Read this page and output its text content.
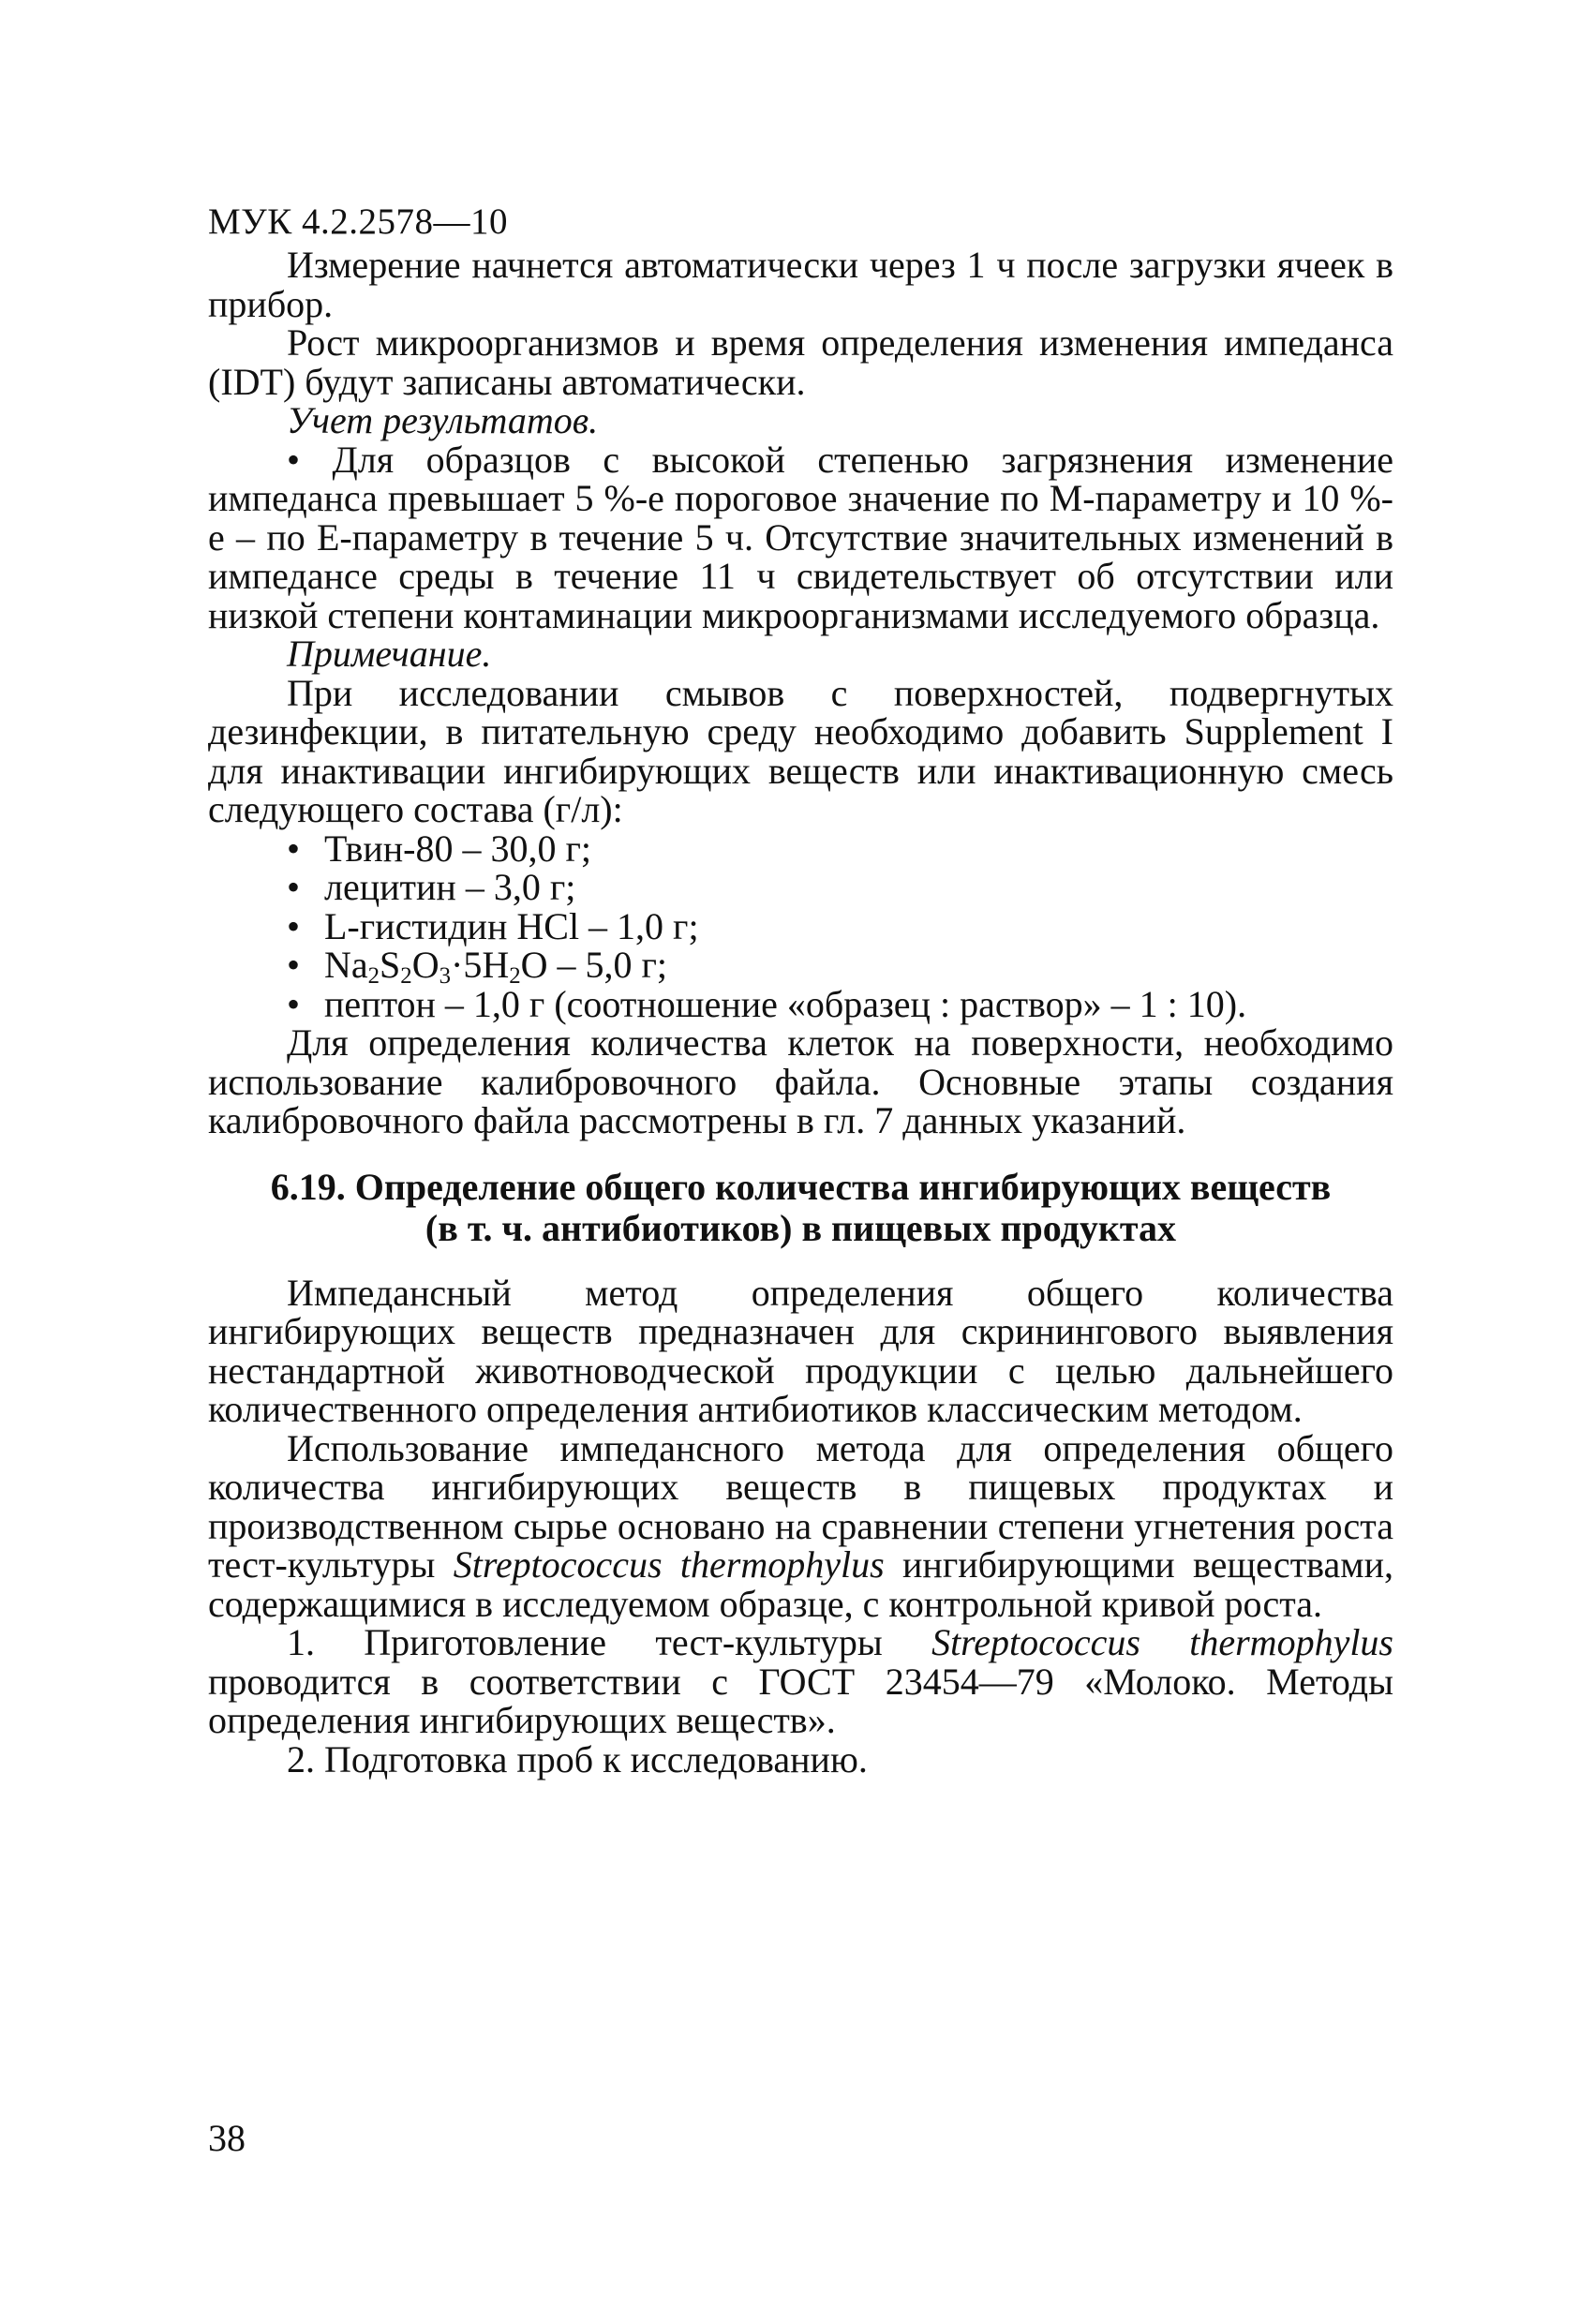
МУК 4.2.2578—10

Измерение начнется автоматически через 1 ч после загрузки ячеек в прибор.

Рост микроорганизмов и время определения изменения импеданса (IDT) будут записаны автоматически.

Учет результатов.

• Для образцов с высокой степенью загрязнения изменение импеданса превышает 5 %-е пороговое значение по М-параметру и 10 %-е – по Е-параметру в течение 5 ч. Отсутствие значительных изменений в импедансе среды в течение 11 ч свидетельствует об отсутствии или низкой степени контаминации микроорганизмами исследуемого образца.

Примечание.

При исследовании смывов с поверхностей, подвергнутых дезинфекции, в питательную среду необходимо добавить Supplement I для инактивации ингибирующих веществ или инактивационную смесь следующего состава (г/л):

• Твин-80 – 30,0 г;
• лецитин – 3,0 г;
• L-гистидин HCl – 1,0 г;
• $Na_2S_2O_3\cdot 5H_2O - 5,0$ г;
• пептон – 1,0 г (соотношение «образец : раствор» – 1 : 10).

Для определения количества клеток на поверхности, необходимо использование калибровочного файла. Основные этапы создания калибровочного файла рассмотрены в гл. 7 данных указаний.

6.19. Определение общего количества ингибирующих веществ
(в т. ч. антибиотиков) в пищевых продуктах

Импедансный метод определения общего количества ингибирующих веществ предназначен для скринингового выявления нестандартной животноводческой продукции с целью дальнейшего количественного определения антибиотиков классическим методом.

Использование импедансного метода для определения общего количества ингибирующих веществ в пищевых продуктах и производственном сырье основано на сравнении степени угнетения роста тест-культуры Streptococcus thermophylus ингибирующими веществами, содержащимися в исследуемом образце, с контрольной кривой роста.

1. Приготовление тест-культуры Streptococcus thermophylus проводится в соответствии с ГОСТ 23454—79 «Молоко. Методы определения ингибирующих веществ».

2. Подготовка проб к исследованию.

38
